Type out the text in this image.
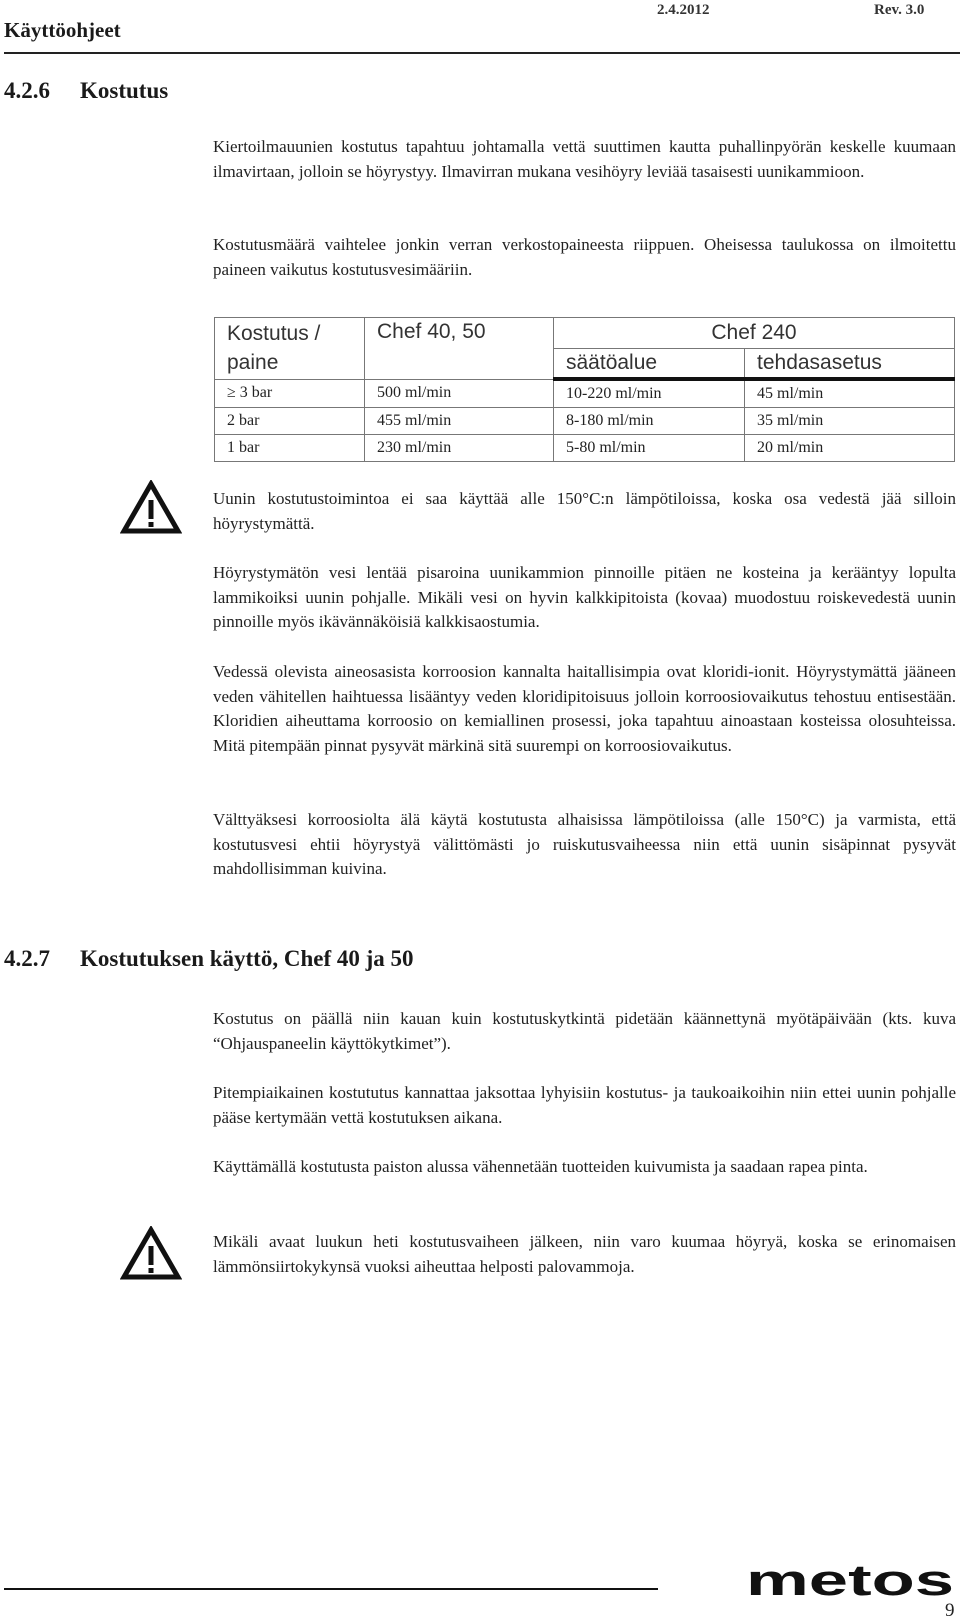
Käyttöohjeet
2.4.2012	Rev. 3.0
4.2.6 Kostutus
Kiertoilmauunien kostutus tapahtuu johtamalla vettä suuttimen kautta puhallinpyörän keskelle kuumaan ilmavirtaan, jolloin se höyrystyy. Ilmavirran mukana vesihöyry leviää tasaisesti uunikammioon.
Kostutusmäärä vaihtelee jonkin verran verkostopaineesta riippuen. Oheisessa taulukossa on ilmoitettu paineen vaikutus kostutusvesimääriin.
Kostutus / paine	Chef 40, 50	Chef 240	
		säätöalue	tehdasasetus
≥ 3 bar	500 ml/min	10-220 ml/min	45 ml/min
2 bar	455 ml/min	8-180 ml/min	35 ml/min
1 bar	230 ml/min	5-80 ml/min	20 ml/min
Uunin kostutustoimintoa ei saa käyttää alle 150°C:n lämpötiloissa, koska osa vedestä jää silloin höyrystymättä.
Höyrystymätön vesi lentää pisaroina uunikammion pinnoille pitäen ne kosteina ja kerääntyy lopulta lammikoiksi uunin pohjalle. Mikäli vesi on hyvin kalkkipitoista (kovaa) muodostuu roiskevedestä uunin pinnoille myös ikävännäköisiä kalkkisaostumia.
Vedessä olevista aineosasista korroosion kannalta haitallisimpia ovat kloridi-ionit. Höyrystymättä jääneen veden vähitellen haihtuessa lisääntyy veden kloridipitoisuus jolloin korroosiovaikutus tehostuu entisestään. Kloridien aiheuttama korroosio on kemiallinen prosessi, joka tapahtuu ainoastaan kosteissa olosuhteissa. Mitä pitempään pinnat pysyvät märkinä sitä suurempi on korroosiovaikutus.
Välttyäksesi korroosiolta älä käytä kostutusta alhaisissa lämpötiloissa (alle 150°C) ja varmista, että kostutusvesi ehtii höyrystyä välittömästi jo ruiskutusvaiheessa niin että uunin sisäpinnat pysyvät mahdollisimman kuivina.
4.2.7 Kostutuksen käyttö, Chef 40 ja 50
Kostutus on päällä niin kauan kuin kostutuskytkintä pidetään käännettynä myötäpäivään (kts. kuva “Ohjauspaneelin käyttökytkimet”).
Pitempiaikainen kostututus kannattaa jaksottaa lyhyisiin kostutus- ja taukoaikoihin niin ettei uunin pohjalle pääse kertymään vettä kostutuksen aikana.
Käyttämällä kostutusta paiston alussa vähennetään tuotteiden kuivumista ja saadaan rapea pinta.
Mikäli avaat luukun heti kostutusvaiheen jälkeen, niin varo kuumaa höyryä, koska se erinomaisen lämmönsiirtokykynsä vuoksi aiheuttaa helposti palovammoja.
metos
9
